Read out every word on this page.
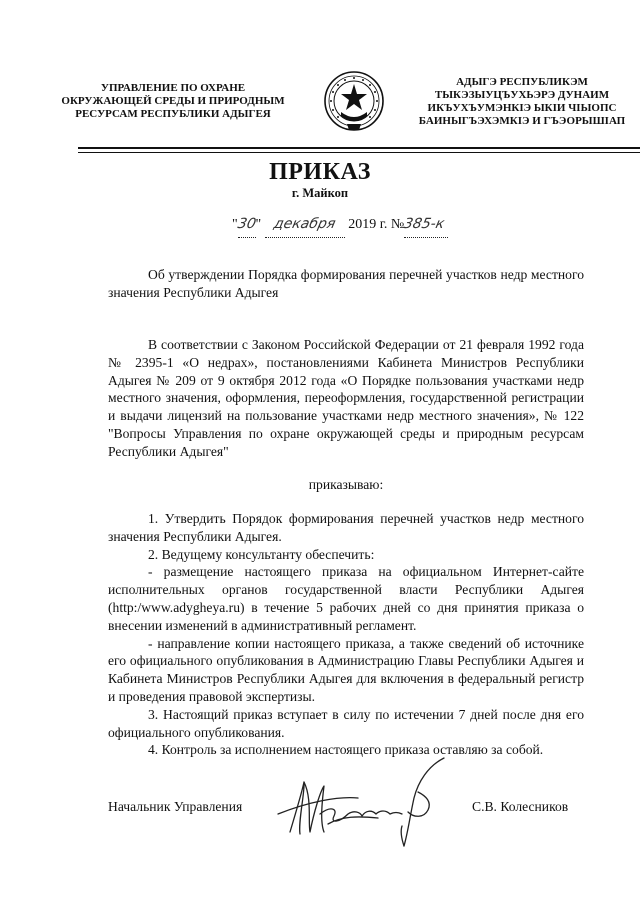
УПРАВЛЕНИЕ ПО ОХРАНЕ
ОКРУЖАЮЩЕЙ СРЕДЫ И ПРИРОДНЫМ
РЕСУРСАМ РЕСПУБЛИКИ АДЫГЕЯ
АДЫГЭ РЕСПУБЛИКЭМ
ТЫКЭЗЫУЦЪУХЬЭРЭ ДУНАИМ
ИКЪУХЪУМЭНКIЭ ЫКIИ ЧIЫОПС
БАИНЫГЪЭХЭМКIЭ И ГЪЭОРЫШIАП
ПРИКАЗ
г. Майкоп
"30" декабря 2019 г. №385-к
Об утверждении Порядка формирования перечней участков недр местного значения Республики Адыгея
В соответствии с Законом Российской Федерации от 21 февраля 1992 года № 2395-1 «О недрах», постановлениями Кабинета Министров Республики Адыгея № 209 от 9 октября 2012 года «О Порядке пользования участками недр местного значения, оформления, переоформления, государственной регистрации и выдачи лицензий на пользование участками недр местного значения», № 122 "Вопросы Управления по охране окружающей среды и природным ресурсам Республики Адыгея"
приказываю:

1. Утвердить Порядок формирования перечней участков недр местного значения Республики Адыгея.

2. Ведущему консультанту обеспечить:

- размещение настоящего приказа на официальном Интернет-сайте исполнительных органов государственной власти Республики Адыгея (http:/www.adygheya.ru) в течение 5 рабочих дней со дня принятия приказа о внесении изменений в административный регламент.

- направление копии настоящего приказа, а также сведений об источнике его официального опубликования в Администрацию Главы Республики Адыгея и Кабинета Министров Республики Адыгея для включения в федеральный регистр и проведения правовой экспертизы.

3. Настоящий приказ вступает в силу по истечении 7 дней после дня его официального опубликования.

4. Контроль за исполнением настоящего приказа оставляю за собой.

Начальник Управления	С.В. Колесников
